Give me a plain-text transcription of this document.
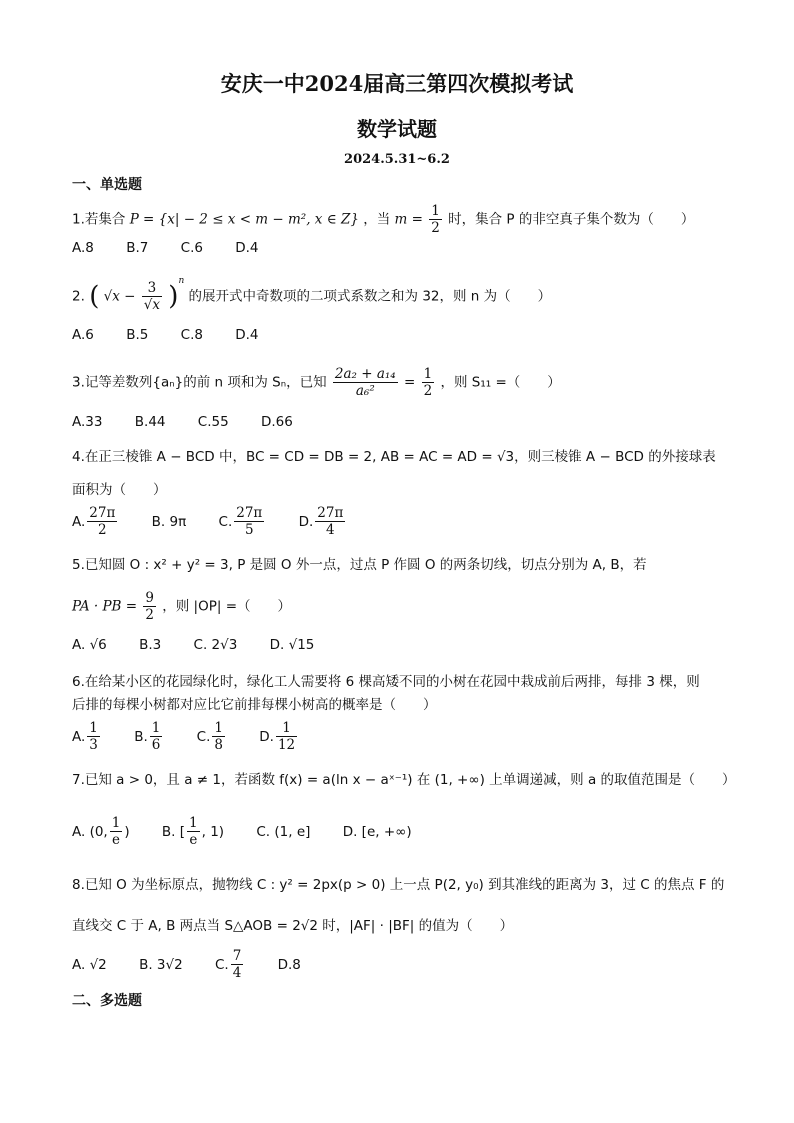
安庆一中2024届高三第四次模拟考试
数学试题
2024.5.31~6.2
一、单选题
1.若集合 P = {x| − 2 ≤ x < m − m², x ∈ Z} ，当 $m = \frac{1}{2}$ 时，集合 P 的非空真子集个数为（　　）
A.8 B.7 C.6 D.4
2. ( $√x - \frac{3}{√x} )^n$ 的展开式中奇数项的二项式系数之和为 32，则 n 为（　　）
A.6 B.5 C.8 D.4
3.记等差数列{aₙ}的前 n 项和为 Sₙ，已知 $\frac{\text{2a₂ + a₁₄}}{\text{a₆²}} = \frac{1}{2}$ ，则 S₁₁ =（　　）
A.33 B.44 C.55 D.66
4.在正三棱锥 A − BCD 中，BC = CD = DB = 2, AB = AC = AD = √3，则三棱锥 A − BCD 的外接球表
面积为（　　）
A. $\frac{27\pi}{2}$	B. 9π C. $\frac{27\pi}{5}$	D. $\frac{27\pi}{4}$
5.已知圆 O : x² + y² = 3, P 是圆 O 外一点，过点 P 作圆 O 的两条切线，切点分别为 A, B，若
PA · PB = $\frac{9}{2}$ ，则 |OP| =（　　）
A. √6 B.3 C. 2√3 D. √15
6.在给某小区的花园绿化时，绿化工人需要将 6 棵高矮不同的小树在花园中栽成前后两排，每排 3 棵，则
后排的每棵小树都对应比它前排每棵小树高的概率是（　　）
A. $\frac{1}{3}$	B. $\frac{1}{6}$	C. $\frac{1}{8}$	D. $\frac{1}{12}$
7.已知 a > 0，且 a ≠ 1，若函数 f(x) = a(ln x − aˣ⁻¹) 在 (1, +∞) 上单调递减，则 a 的取值范围是（　　）
A. (0, $\frac{1}{e}$ ) B. [ $\frac{1}{e}$ , 1) C. (1, e] D. [e, +∞)
8.已知 O 为坐标原点，抛物线 C : y² = 2px(p > 0) 上一点 P(2, y₀) 到其准线的距离为 3，过 C 的焦点 F 的
直线交 C 于 A, B 两点当 S△AOB = 2√2 时，|AF| · |BF| 的值为（　　）
A. √2 B. 3√2 C. $\frac{7}{4}$	D.8
二、多选题
